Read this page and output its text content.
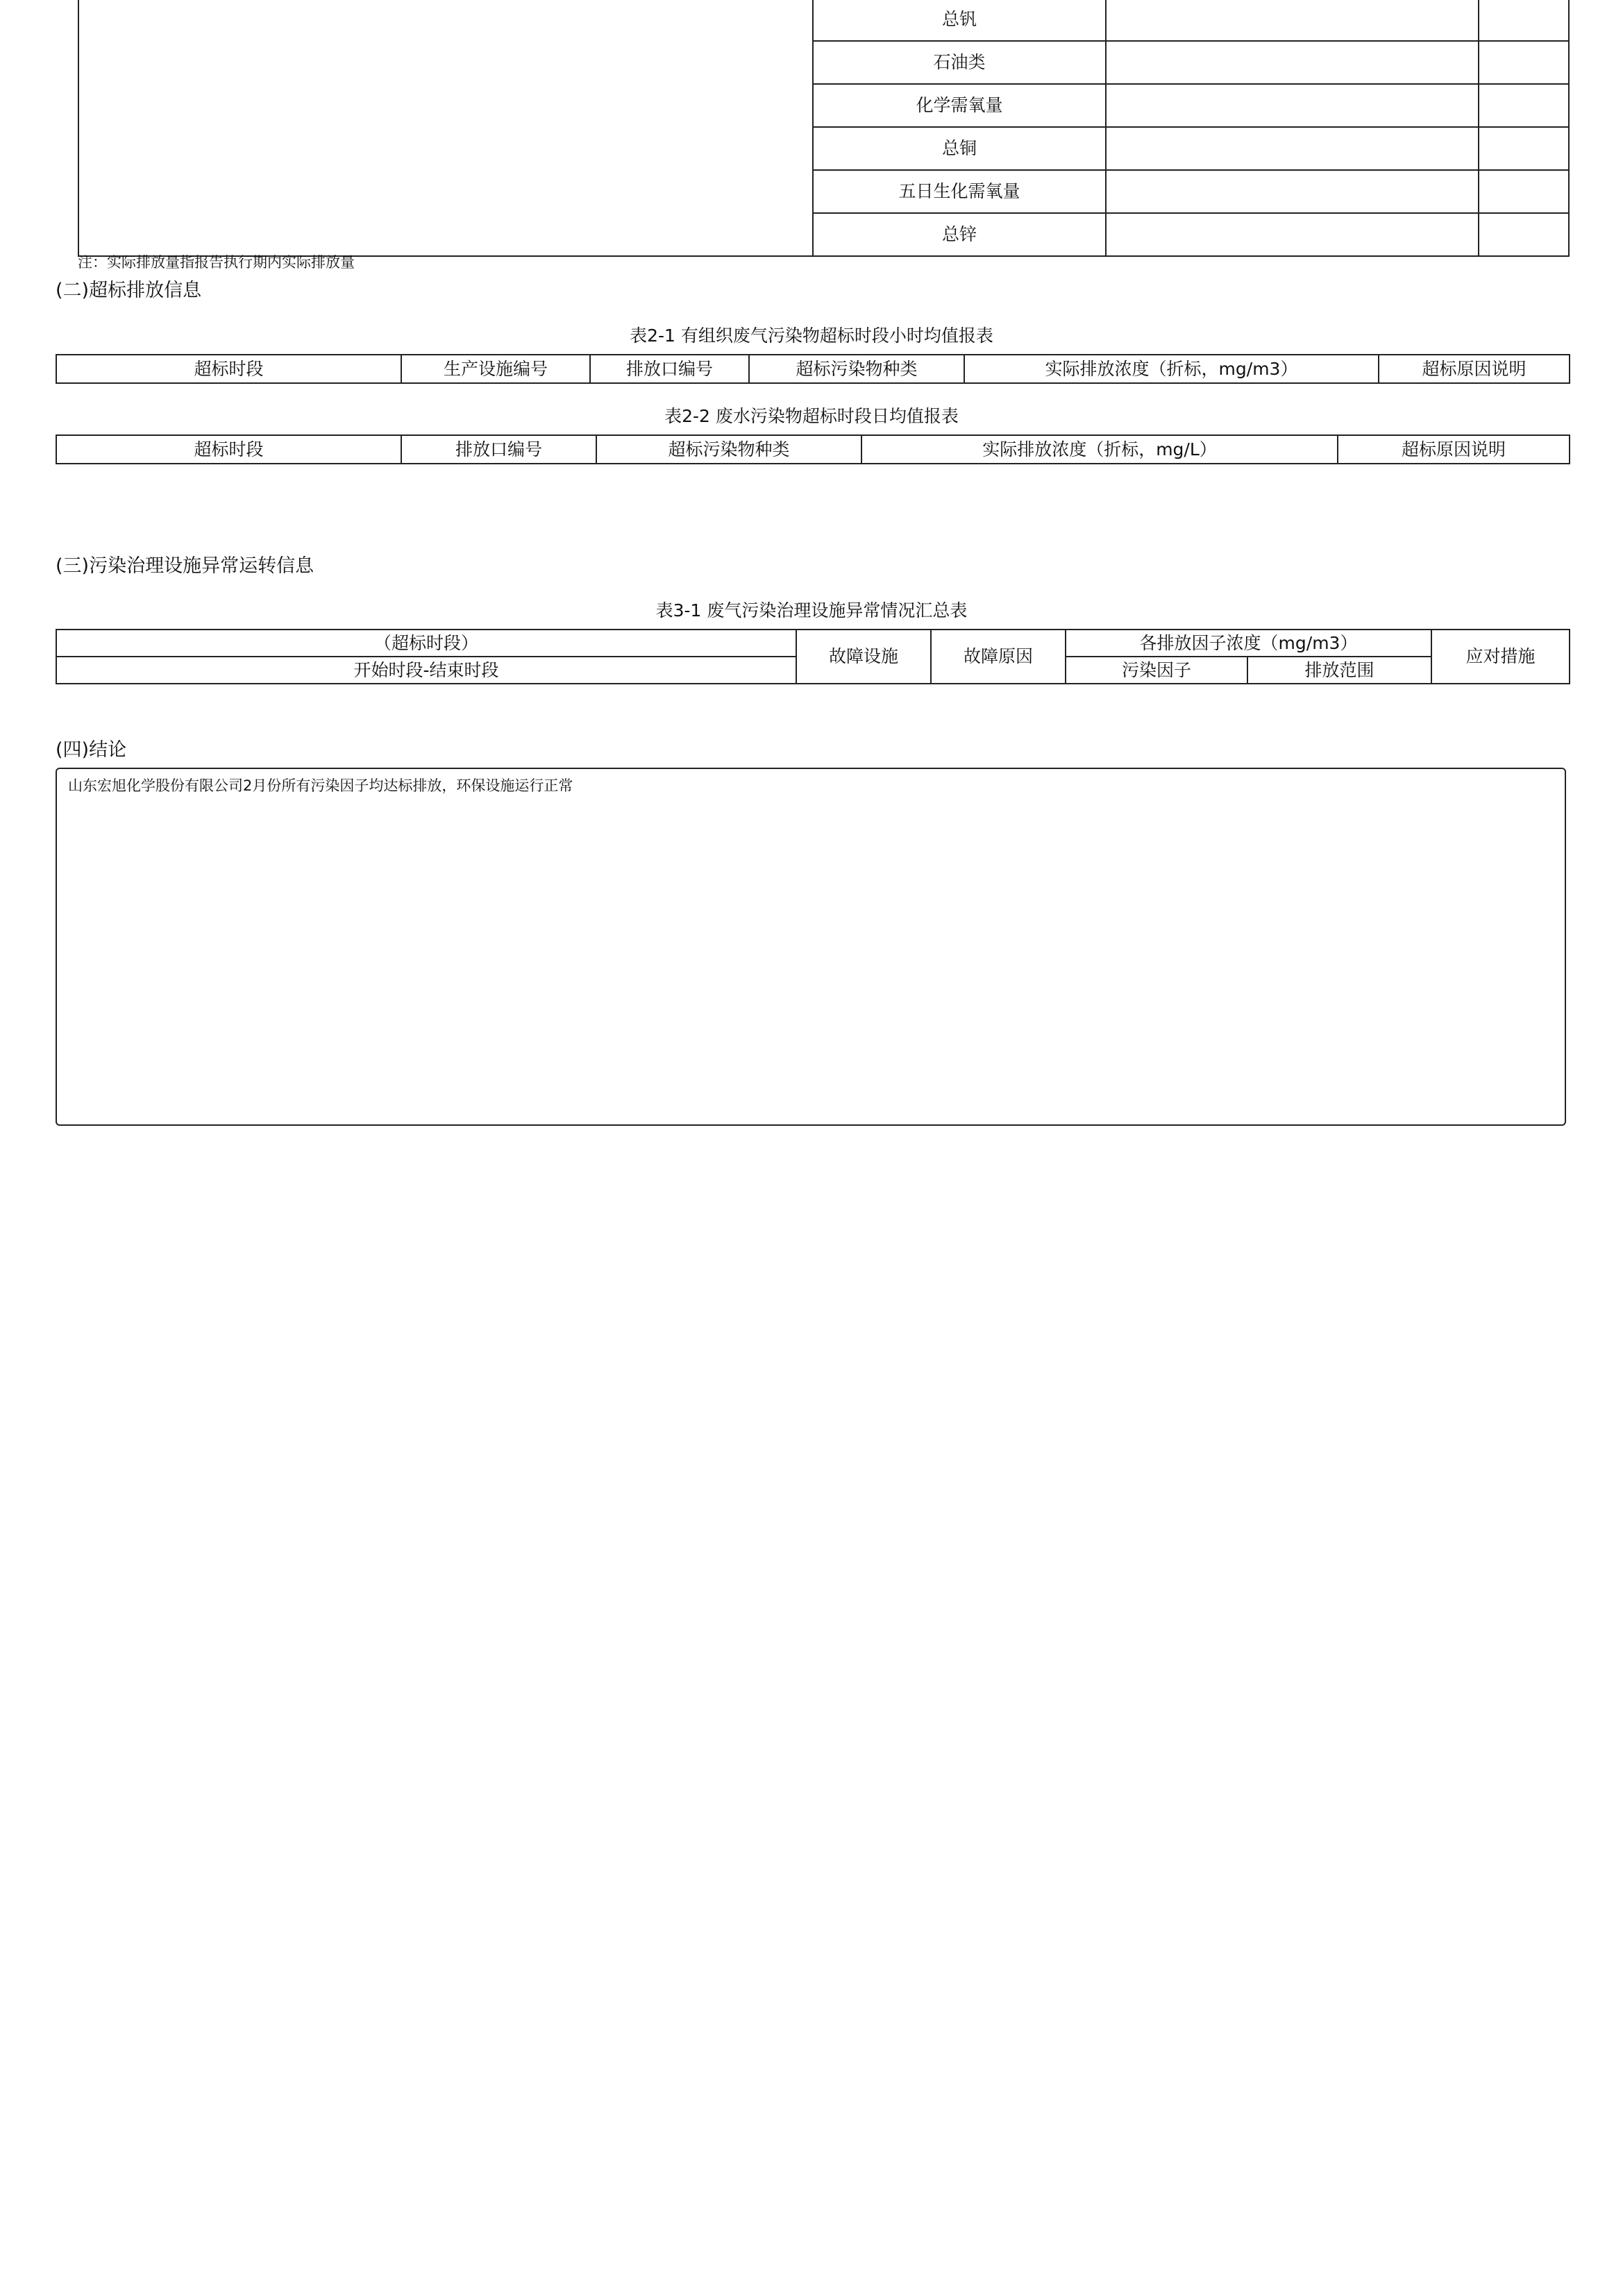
	总钒		
	石油类		
	化学需氧量		
	总铜		
	五日生化需氧量		
	总锌		
注：实际排放量指报告执行期内实际排放量
(二)超标排放信息
表2-1 有组织废气污染物超标时段小时均值报表
超标时段	生产设施编号	排放口编号	超标污染物种类	实际排放浓度（折标，mg/m3）	超标原因说明
表2-2 废水污染物超标时段日均值报表
超标时段	排放口编号	超标污染物种类	实际排放浓度（折标，mg/L）	超标原因说明
(三)污染治理设施异常运转信息
表3-1 废气污染治理设施异常情况汇总表
（超标时段）	故障设施	故障原因	各排放因子浓度（mg/m3）		应对措施
开始时段-结束时段			污染因子	排放范围	
(四)结论
山东宏旭化学股份有限公司2月份所有污染因子均达标排放，环保设施运行正常
